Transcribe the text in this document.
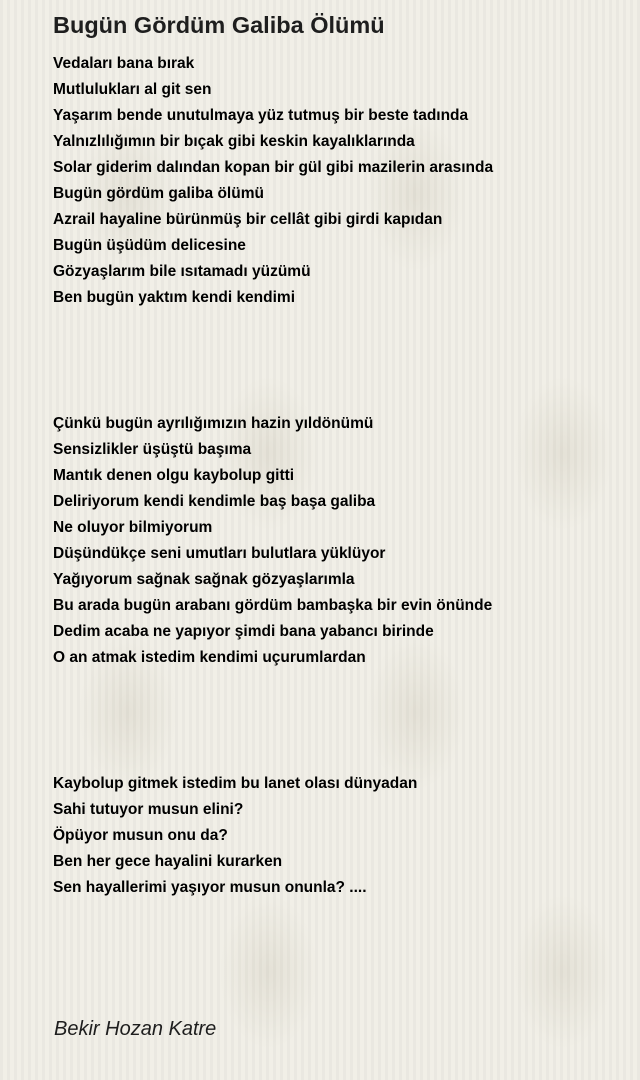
Bugün Gördüm Galiba Ölümü
Vedaları bana bırak
Mutlulukları al git sen
Yaşarım bende unutulmaya yüz tutmuş bir beste tadında
Yalnızlılığımın bir bıçak gibi keskin kayalıklarında
Solar giderim dalından kopan bir gül gibi mazilerin arasında
Bugün gördüm galiba ölümü
Azrail hayaline bürünmüş bir cellât gibi girdi kapıdan
Bugün üşüdüm delicesine
Gözyaşlarım bile ısıtamadı yüzümü
Ben bugün yaktım kendi kendimi
Çünkü bugün ayrılığımızın hazin yıldönümü
Sensizlikler üşüştü başıma
Mantık denen olgu kaybolup gitti
Deliriyorum kendi kendimle baş başa galiba
Ne oluyor bilmiyorum
Düşündükçe seni umutları bulutlara yüklüyor
Yağıyorum sağnak sağnak gözyaşlarımla
Bu arada bugün arabanı gördüm bambaşka bir evin önünde
Dedim acaba ne yapıyor şimdi bana yabancı birinde
O an atmak istedim kendimi uçurumlardan
Kaybolup gitmek istedim bu lanet olası dünyadan
Sahi tutuyor musun elini?
Öpüyor musun onu da?
Ben her gece hayalini kurarken
Sen hayallerimi yaşıyor musun onunla? ....
Bekir Hozan Katre
